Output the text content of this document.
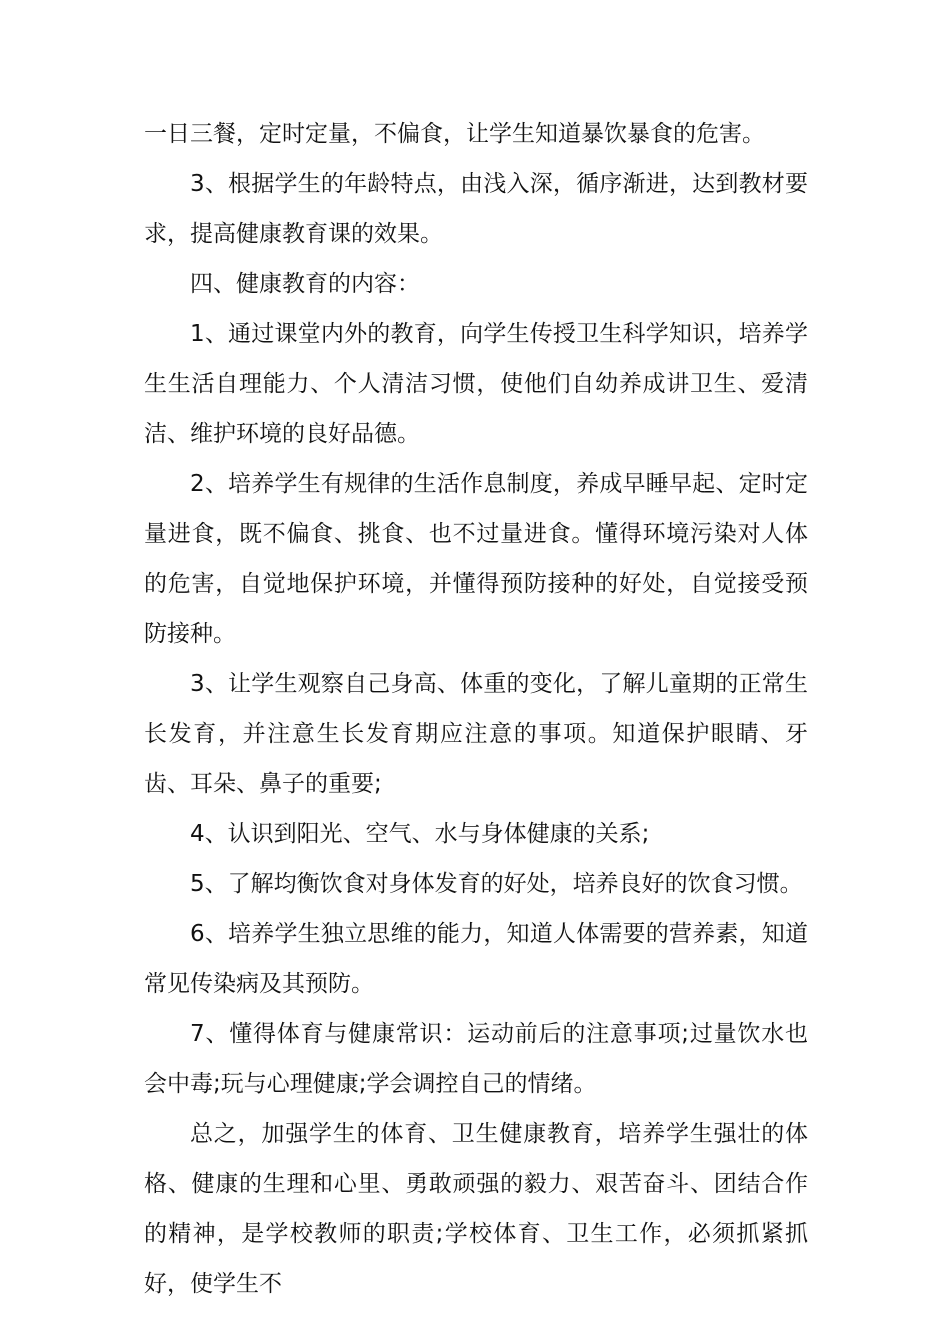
一日三餐，定时定量，不偏食，让学生知道暴饮暴食的危害。

3、根据学生的年龄特点，由浅入深，循序渐进，达到教材要求，提高健康教育课的效果。

四、健康教育的内容：

1、通过课堂内外的教育，向学生传授卫生科学知识，培养学生生活自理能力、个人清洁习惯，使他们自幼养成讲卫生、爱清洁、维护环境的良好品德。

2、培养学生有规律的生活作息制度，养成早睡早起、定时定量进食，既不偏食、挑食、也不过量进食。懂得环境污染对人体的危害，自觉地保护环境，并懂得预防接种的好处，自觉接受预防接种。

3、让学生观察自己身高、体重的变化，了解儿童期的正常生长发育，并注意生长发育期应注意的事项。知道保护眼睛、牙齿、耳朵、鼻子的重要;

4、认识到阳光、空气、水与身体健康的关系;

5、了解均衡饮食对身体发育的好处，培养良好的饮食习惯。

6、培养学生独立思维的能力，知道人体需要的营养素，知道常见传染病及其预防。

7、懂得体育与健康常识：运动前后的注意事项;过量饮水也会中毒;玩与心理健康;学会调控自己的情绪。

总之，加强学生的体育、卫生健康教育，培养学生强壮的体格、健康的生理和心里、勇敢顽强的毅力、艰苦奋斗、团结合作的精神，是学校教师的职责;学校体育、卫生工作，必须抓紧抓好，使学生不
